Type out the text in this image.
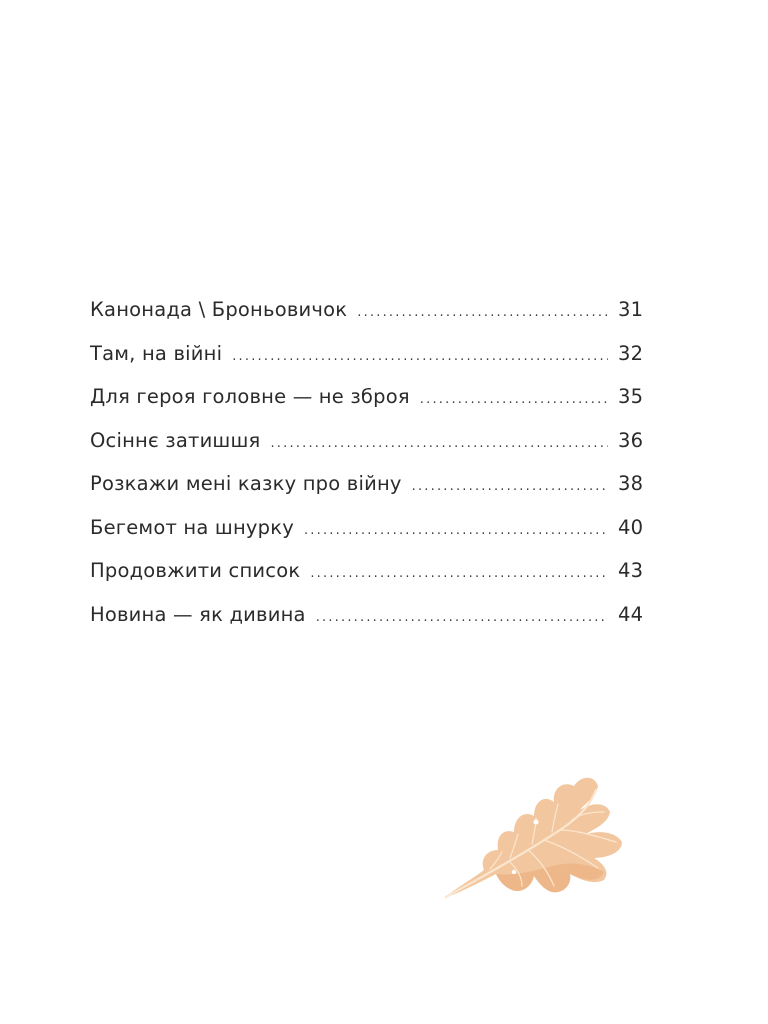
Канонада \ Броньовичок .....	31
Там, на війні .....	32
Для героя головне — не зброя .....	35
Осіннє затишшя .....	36
Розкажи мені казку про війну .....	38
Бегемот на шнурку .....	40
Продовжити список .....	43
Новина — як дивина .....	44
